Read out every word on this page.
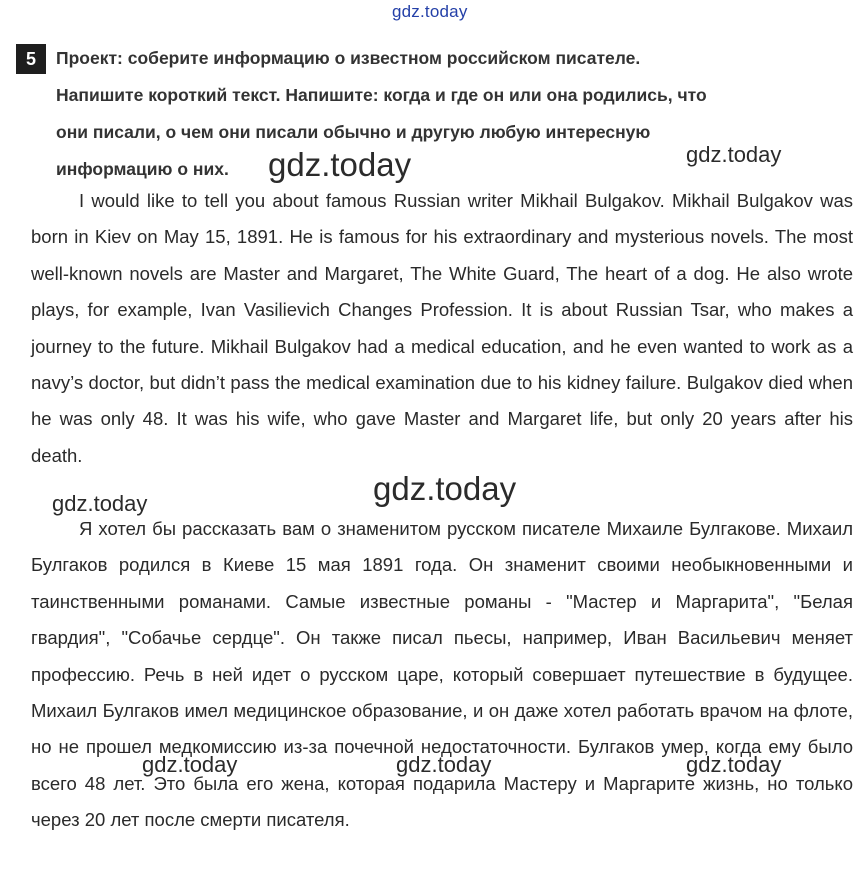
gdz.today
5	Проект: соберите информацию о известном российском писателе.
Напишите короткий текст. Напишите: когда и где он или она родились, что
они писали, о чем они писали обычно и другую любую интересную
информацию о них.
I would like to tell you about famous Russian writer Mikhail Bulgakov. Mikhail Bulgakov was born in Kiev on May 15, 1891. He is famous for his extraordinary and mysterious novels. The most well-known novels are Master and Margaret, The White Guard, The heart of a dog. He also wrote plays, for example, Ivan Vasilievich Changes Profession. It is about Russian Tsar, who makes a journey to the future. Mikhail Bulgakov had a medical education, and he even wanted to work as a navy’s doctor, but didn’t pass the medical examination due to his kidney failure. Bulgakov died when he was only 48. It was his wife, who gave Master and Margaret life, but only 20 years after his death.
Я хотел бы рассказать вам о знаменитом русском писателе Михаиле Булгакове. Михаил Булгаков родился в Киеве 15 мая 1891 года. Он знаменит своими необыкновенными и таинственными романами. Самые известные романы - "Мастер и Маргарита", "Белая гвардия", "Собачье сердце". Он также писал пьесы, например, Иван Васильевич меняет профессию. Речь в ней идет о русском царе, который совершает путешествие в будущее. Михаил Булгаков имел медицинское образование, и он даже хотел работать врачом на флоте, но не прошел медкомиссию из-за почечной недостаточности. Булгаков умер, когда ему было всего 48 лет. Это была его жена, которая подарила Мастеру и Маргарите жизнь, но только через 20 лет после смерти писателя.
gdz.today	gdz.today
gdz.today	gdz.today
gdz.today	gdz.today	gdz.today
